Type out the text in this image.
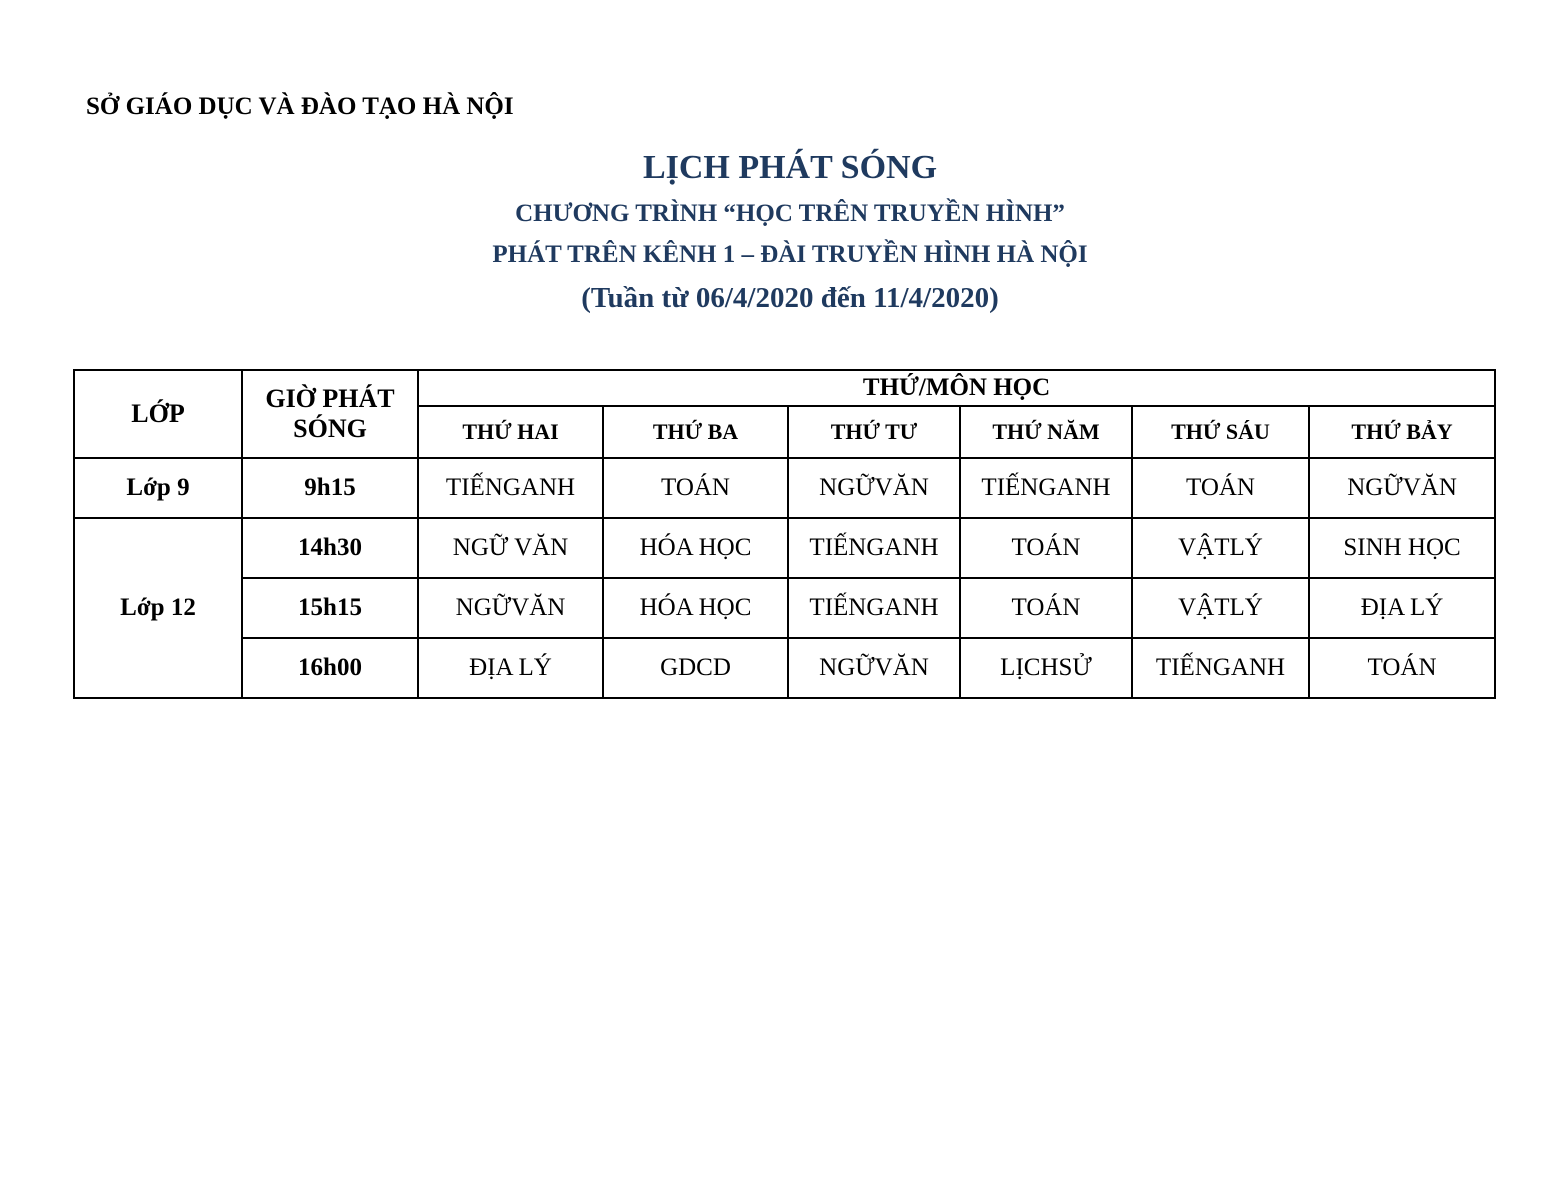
SỞ GIÁO DỤC VÀ ĐÀO TẠO HÀ NỘI
LỊCH PHÁT SÓNG
CHƯƠNG TRÌNH “HỌC TRÊN TRUYỀN HÌNH”
PHÁT TRÊN KÊNH 1 – ĐÀI TRUYỀN HÌNH HÀ NỘI
(Tuần từ 06/4/2020 đến 11/4/2020)
LỚP	GIỜ PHÁT SÓNG	THỨ/MÔN HỌC					
		THỨ HAI	THỨ BA	THỨ TƯ	THỨ NĂM	THỨ SÁU	THỨ BẢY
Lớp 9	9h15	TIẾNGANH	TOÁN	NGỮVĂN	TIẾNGANH	TOÁN	NGỮVĂN
Lớp 12	14h30	NGỮ VĂN	HÓA HỌC	TIẾNGANH	TOÁN	VẬTLÝ	SINH HỌC
	15h15	NGỮVĂN	HÓA HỌC	TIẾNGANH	TOÁN	VẬTLÝ	ĐỊA LÝ
	16h00	ĐỊA LÝ	GDCD	NGỮVĂN	LỊCHSỬ	TIẾNGANH	TOÁN
